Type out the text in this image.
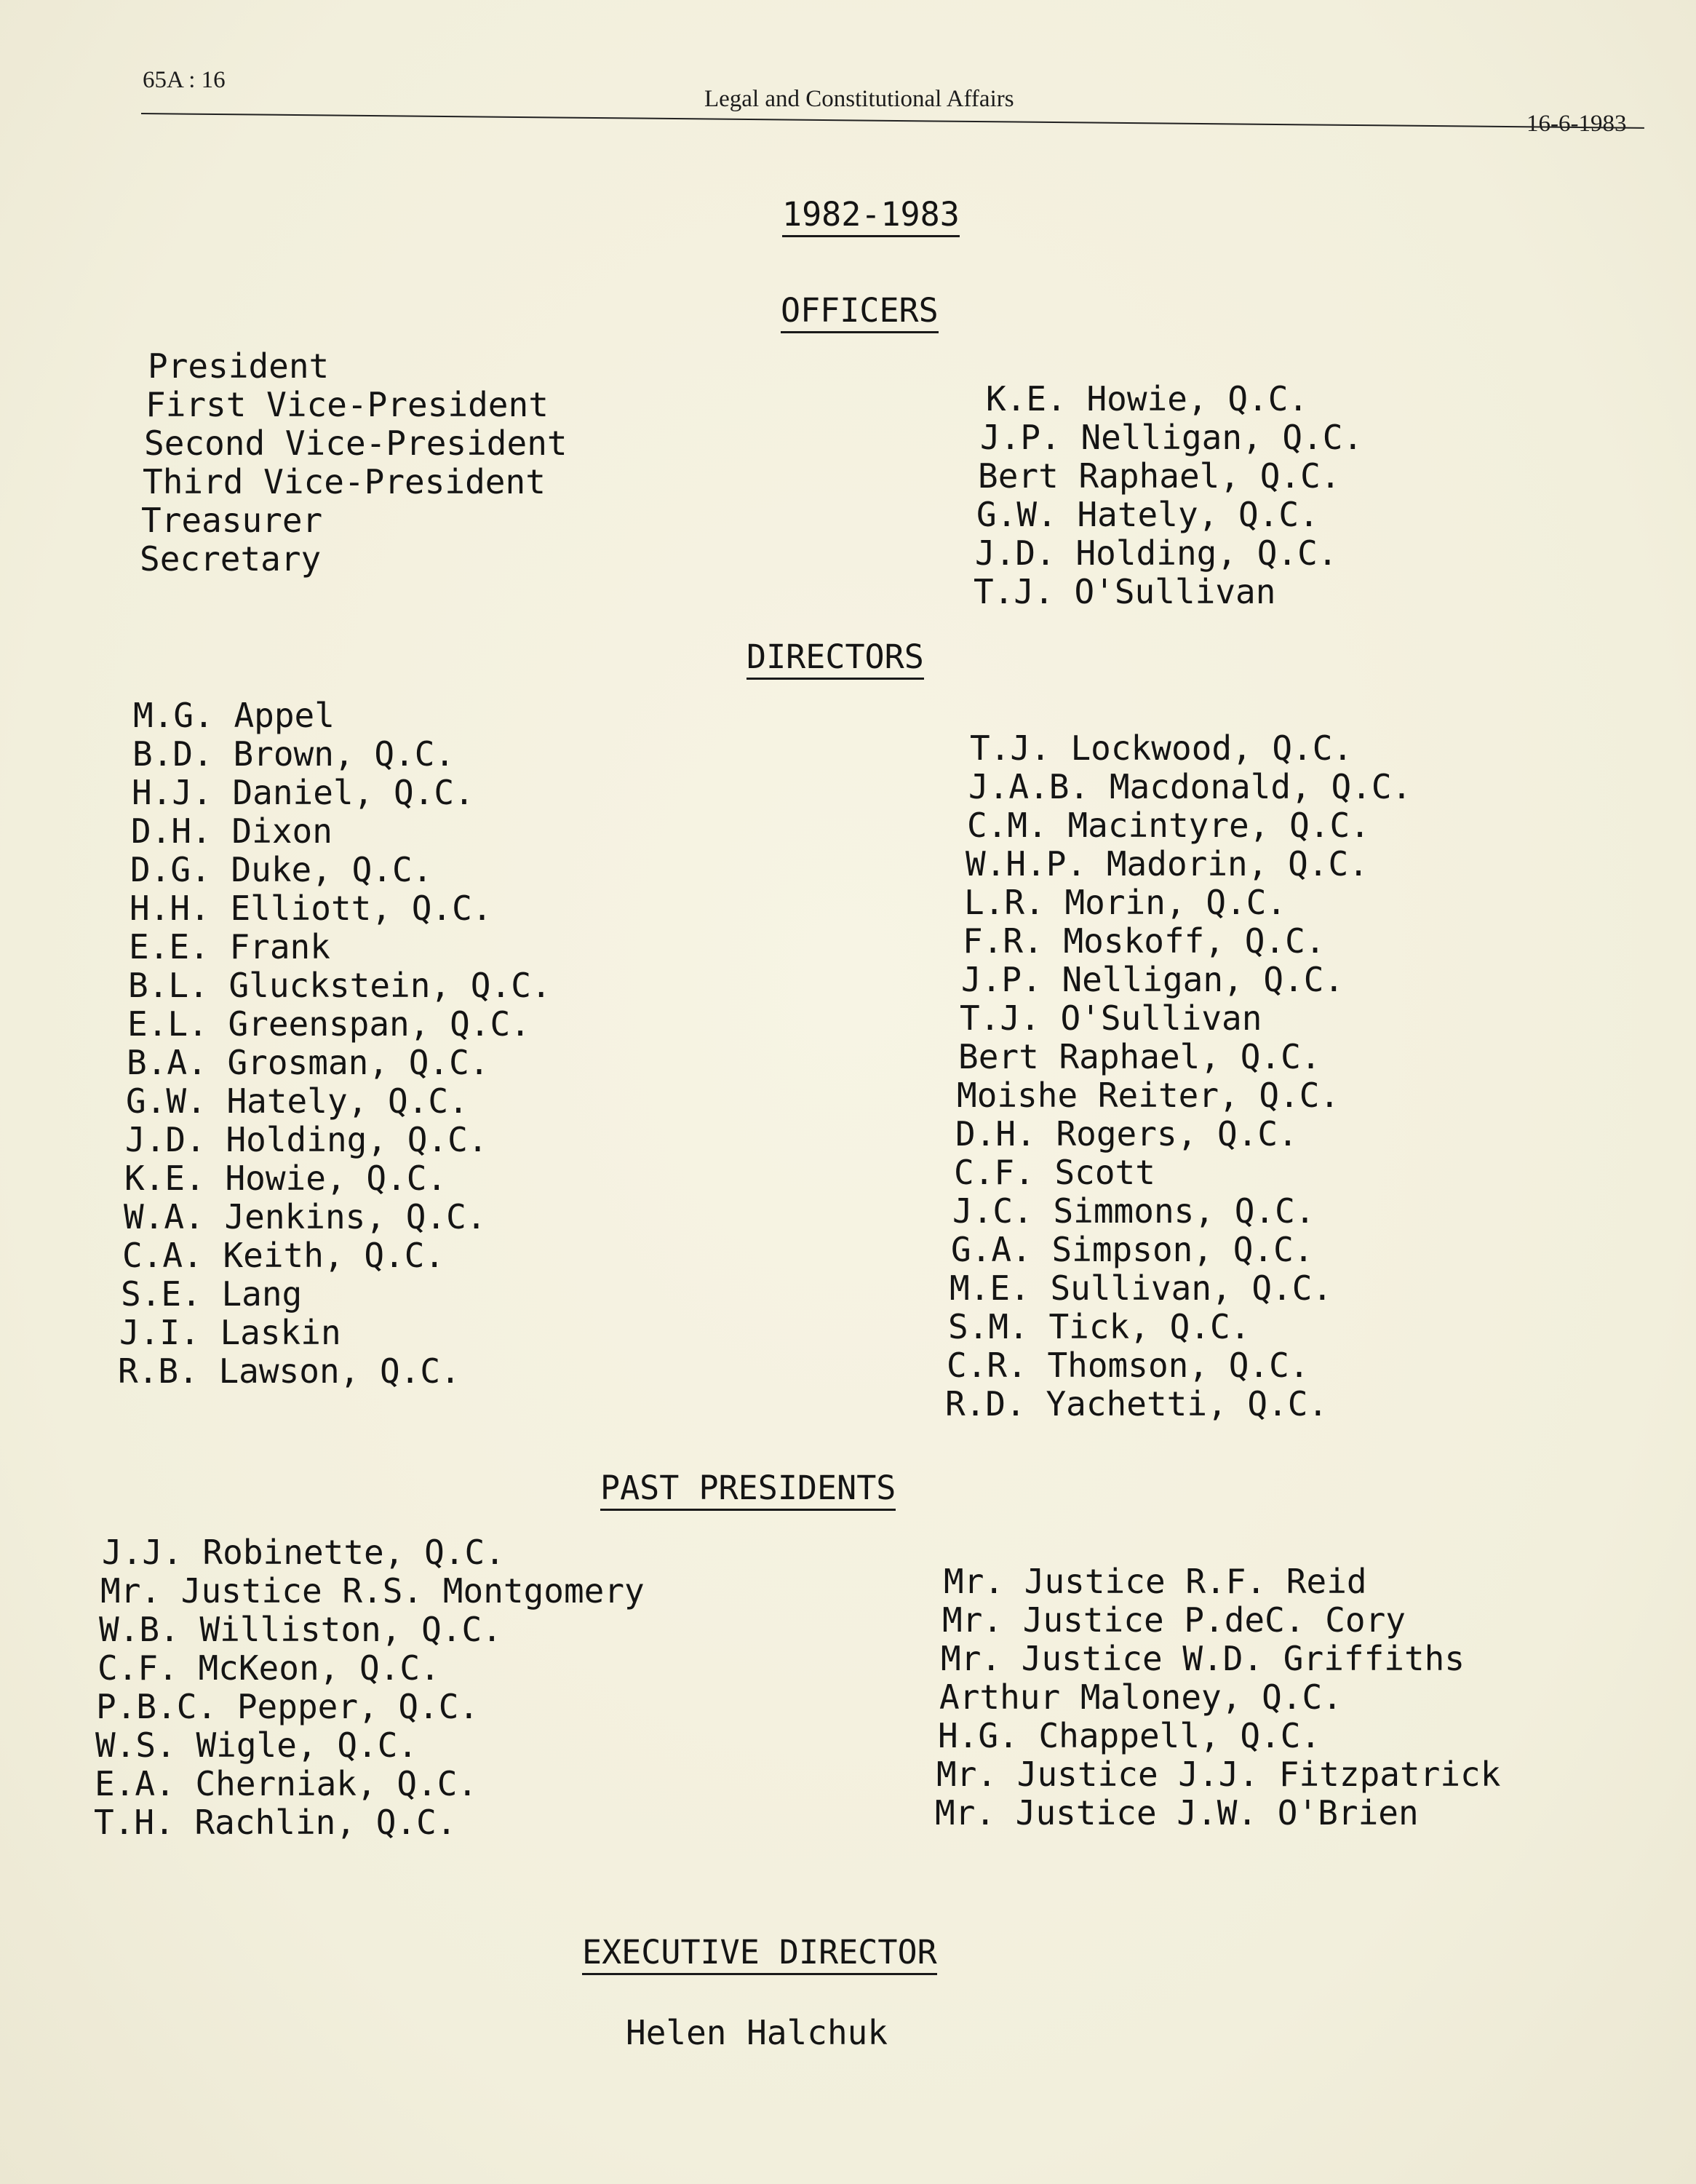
65A : 16
Legal and Constitutional Affairs
16-6-1983
1982-1983
OFFICERS
President
First Vice-President
Second Vice-President
Third Vice-President
Treasurer
Secretary
K.E. Howie, Q.C.
J.P. Nelligan, Q.C.
Bert Raphael, Q.C.
G.W. Hately, Q.C.
J.D. Holding, Q.C.
T.J. O'Sullivan
DIRECTORS
M.G. Appel
B.D. Brown, Q.C.
H.J. Daniel, Q.C.
D.H. Dixon
D.G. Duke, Q.C.
H.H. Elliott, Q.C.
E.E. Frank
B.L. Gluckstein, Q.C.
E.L. Greenspan, Q.C.
B.A. Grosman, Q.C.
G.W. Hately, Q.C.
J.D. Holding, Q.C.
K.E. Howie, Q.C.
W.A. Jenkins, Q.C.
C.A. Keith, Q.C.
S.E. Lang
J.I. Laskin
R.B. Lawson, Q.C.
T.J. Lockwood, Q.C.
J.A.B. Macdonald, Q.C.
C.M. Macintyre, Q.C.
W.H.P. Madorin, Q.C.
L.R. Morin, Q.C.
F.R. Moskoff, Q.C.
J.P. Nelligan, Q.C.
T.J. O'Sullivan
Bert Raphael, Q.C.
Moishe Reiter, Q.C.
D.H. Rogers, Q.C.
C.F. Scott
J.C. Simmons, Q.C.
G.A. Simpson, Q.C.
M.E. Sullivan, Q.C.
S.M. Tick, Q.C.
C.R. Thomson, Q.C.
R.D. Yachetti, Q.C.
PAST PRESIDENTS
J.J. Robinette, Q.C.
Mr. Justice R.S. Montgomery
W.B. Williston, Q.C.
C.F. McKeon, Q.C.
P.B.C. Pepper, Q.C.
W.S. Wigle, Q.C.
E.A. Cherniak, Q.C.
T.H. Rachlin, Q.C.
Mr. Justice R.F. Reid
Mr. Justice P.deC. Cory
Mr. Justice W.D. Griffiths
Arthur Maloney, Q.C.
H.G. Chappell, Q.C.
Mr. Justice J.J. Fitzpatrick
Mr. Justice J.W. O'Brien
EXECUTIVE DIRECTOR
Helen Halchuk
